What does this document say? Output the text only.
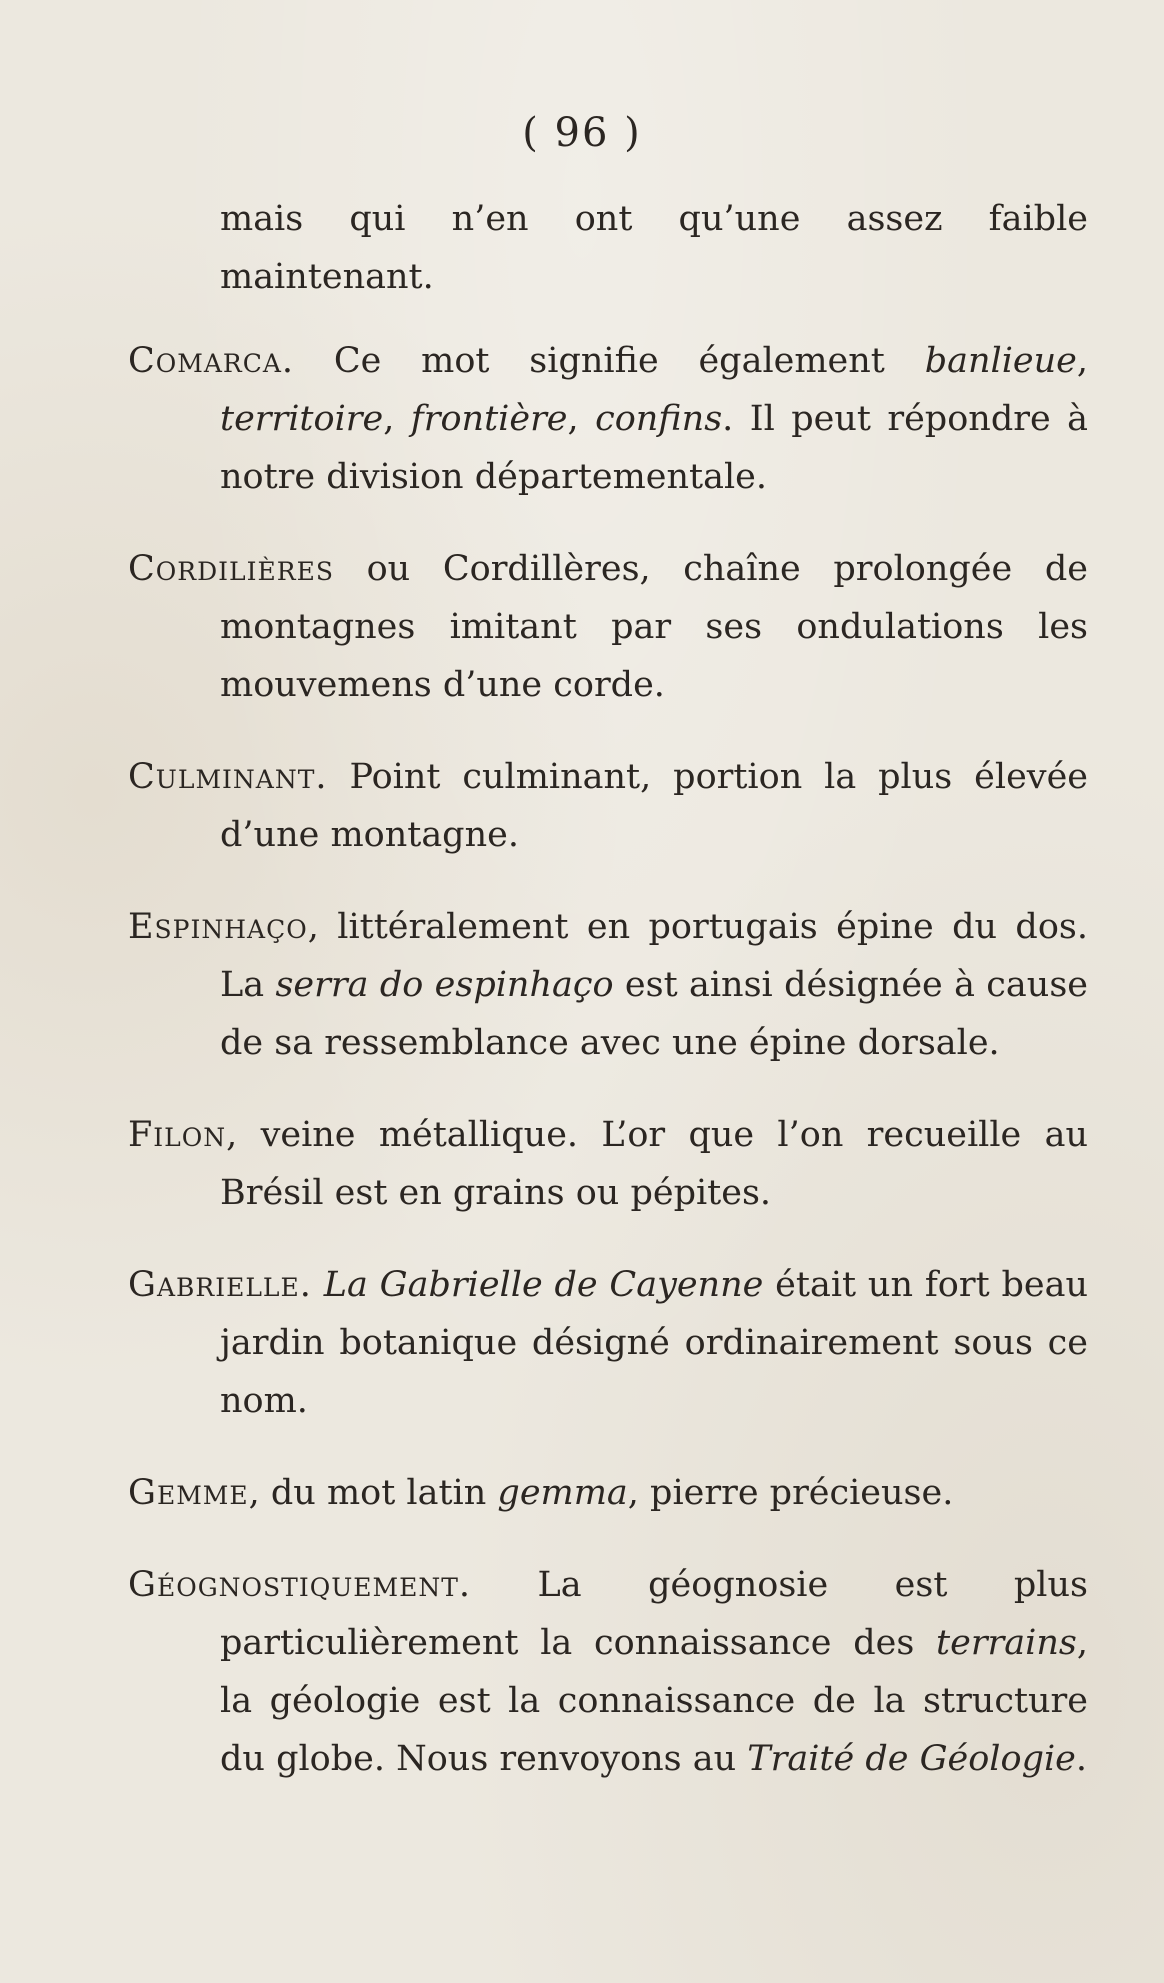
( 96 )

mais qui n’en ont qu’une assez faible maintenant.

Comarca. Ce mot signifie également banlieue, territoire, frontière, confins. Il peut répondre à notre division départementale.

Cordilières ou Cordillères, chaîne prolongée de montagnes imitant par ses ondulations les mouvemens d’une corde.

Culminant. Point culminant, portion la plus élevée d’une montagne.

Espinhaço, littéralement en portugais épine du dos. La serra do espinhaço est ainsi désignée à cause de sa ressemblance avec une épine dorsale.

Filon, veine métallique. L’or que l’on recueille au Brésil est en grains ou pépites.

Gabrielle. La Gabrielle de Cayenne était un fort beau jardin botanique désigné ordinairement sous ce nom.

Gemme, du mot latin gemma, pierre précieuse.

Géognostiquement. La géognosie est plus particulièrement la connaissance des terrains, la géologie est la connaissance de la structure du globe. Nous renvoyons au Traité de Géologie.
